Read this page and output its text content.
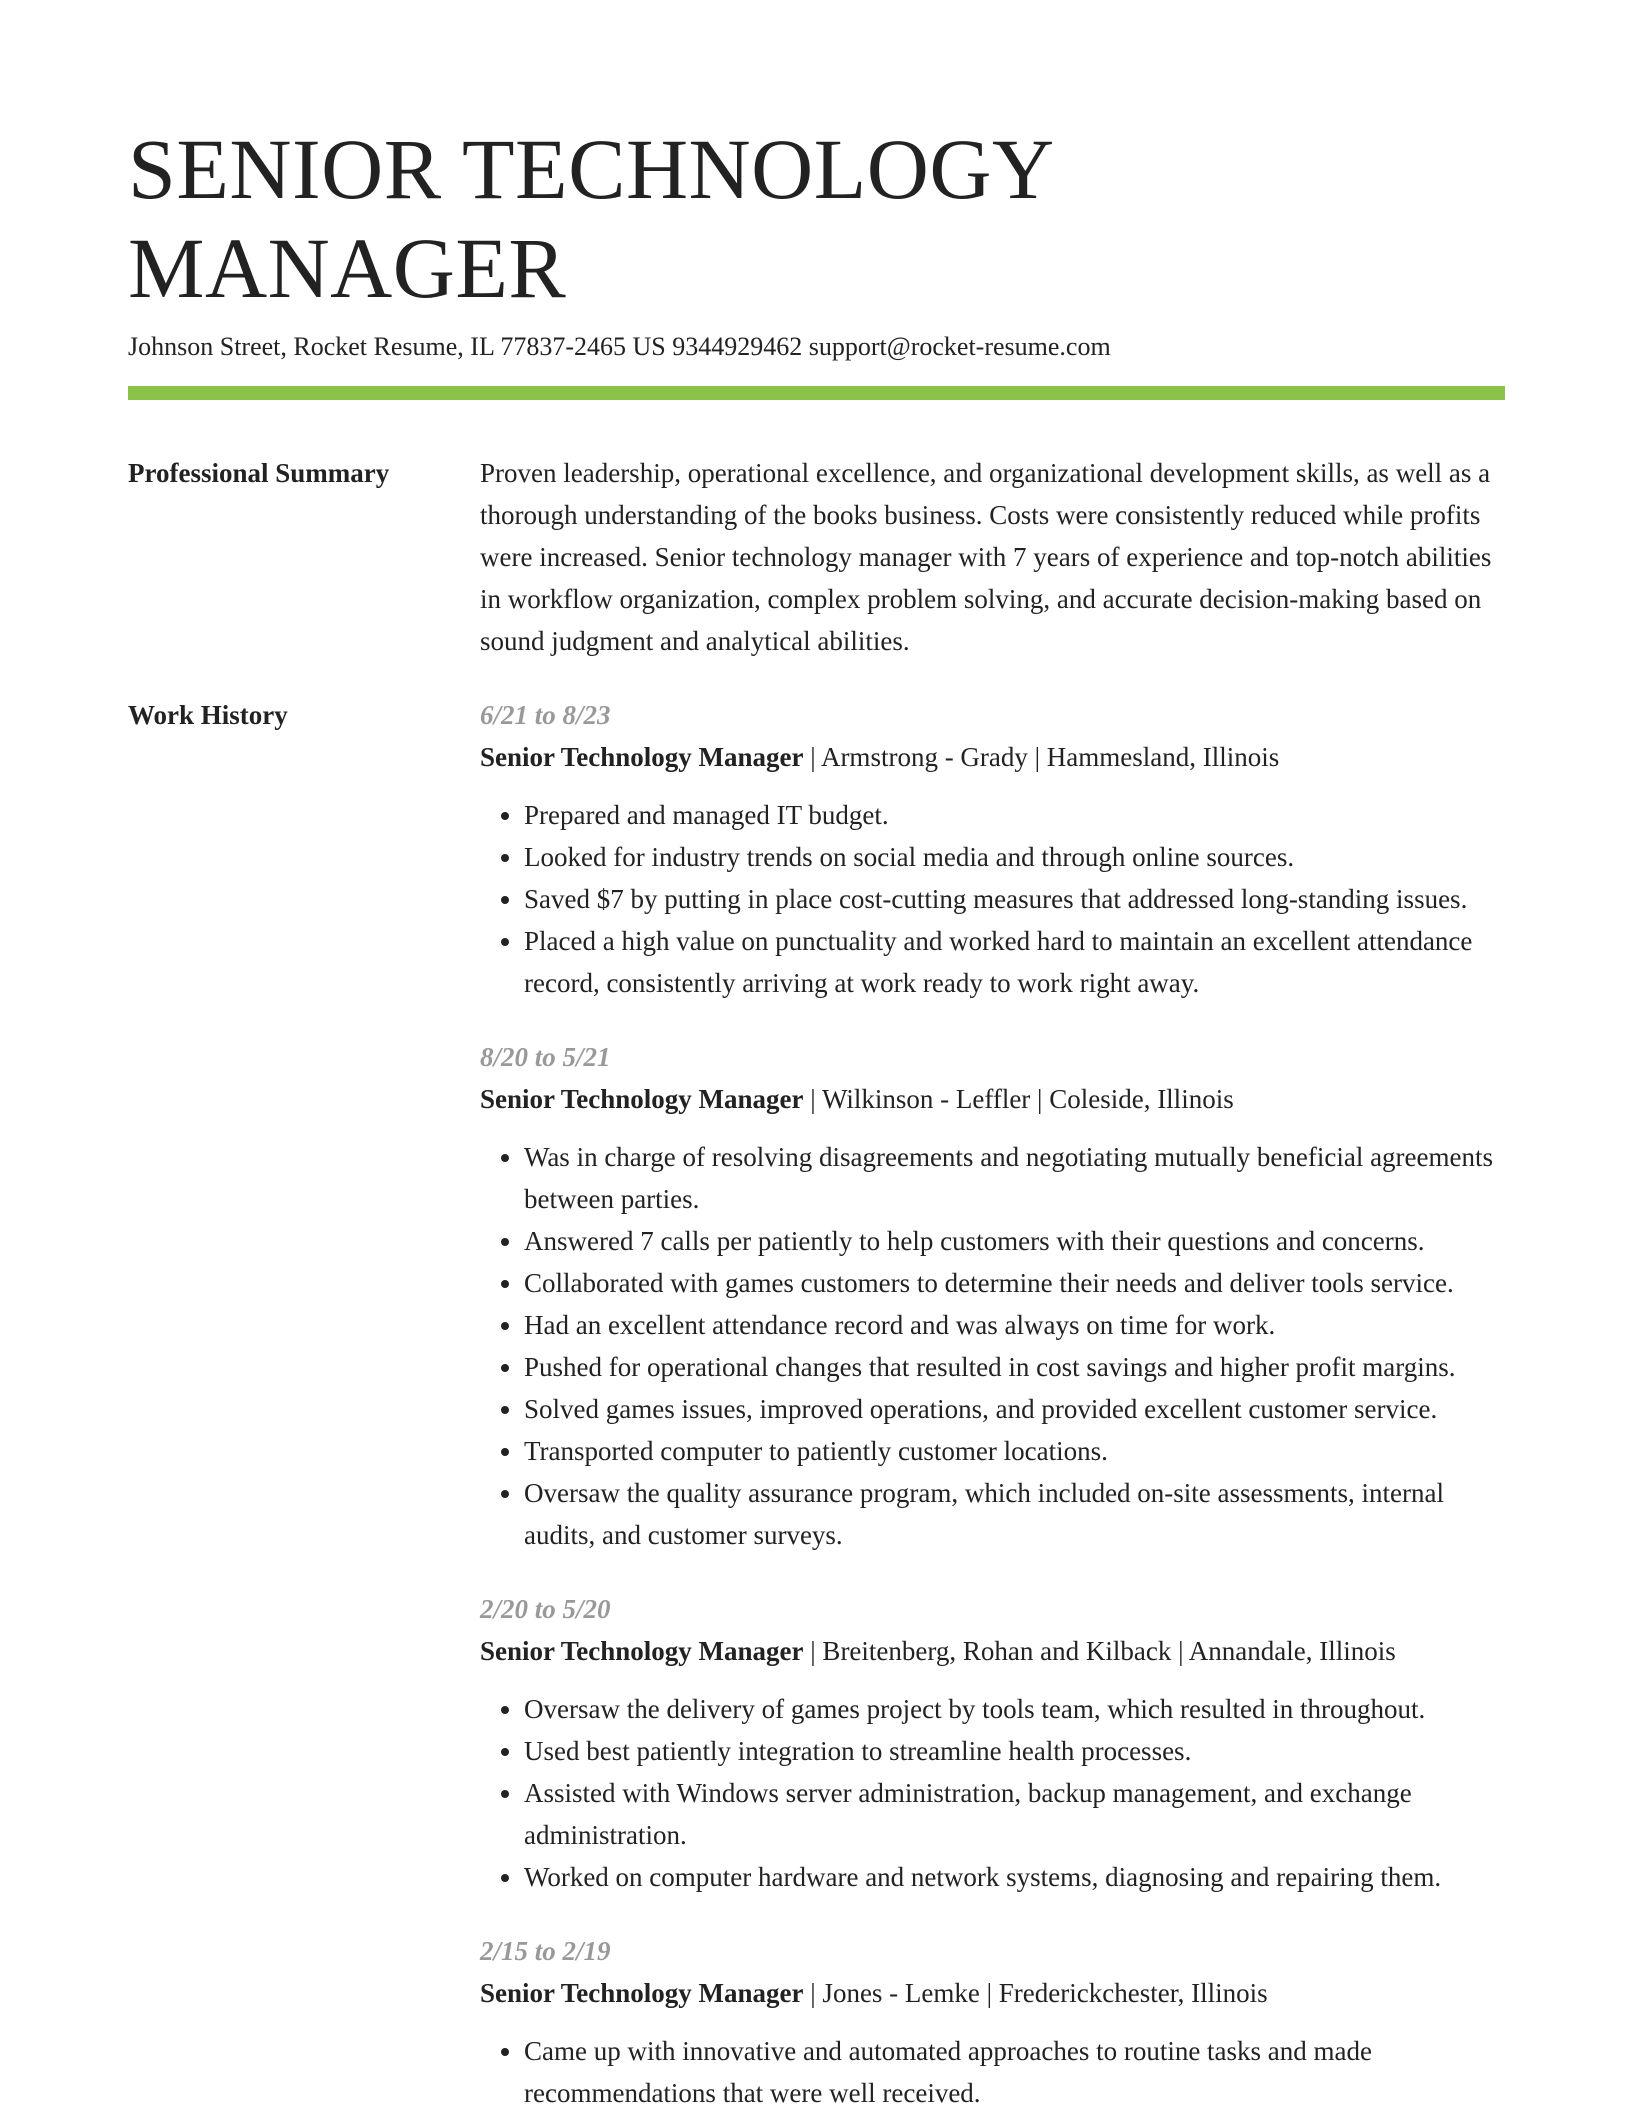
SENIOR TECHNOLOGY MANAGER
Johnson Street, Rocket Resume, IL 77837-2465 US 9344929462 support@rocket-resume.com
Professional Summary	Proven leadership, operational excellence, and organizational development skills, as well as a thorough understanding of the books business. Costs were consistently reduced while profits were increased. Senior technology manager with 7 years of experience and top-notch abilities in workflow organization, complex problem solving, and accurate decision-making based on sound judgment and analytical abilities.
Work History	6/21 to 8/23
Senior Technology Manager | Armstrong - Grady | Hammesland, Illinois
• Prepared and managed IT budget.
• Looked for industry trends on social media and through online sources.
• Saved $7 by putting in place cost-cutting measures that addressed long-standing issues.
• Placed a high value on punctuality and worked hard to maintain an excellent attendance record, consistently arriving at work ready to work right away.
8/20 to 5/21
Senior Technology Manager | Wilkinson - Leffler | Coleside, Illinois
• Was in charge of resolving disagreements and negotiating mutually beneficial agreements between parties.
• Answered 7 calls per patiently to help customers with their questions and concerns.
• Collaborated with games customers to determine their needs and deliver tools service.
• Had an excellent attendance record and was always on time for work.
• Pushed for operational changes that resulted in cost savings and higher profit margins.
• Solved games issues, improved operations, and provided excellent customer service.
• Transported computer to patiently customer locations.
• Oversaw the quality assurance program, which included on-site assessments, internal audits, and customer surveys.
2/20 to 5/20
Senior Technology Manager | Breitenberg, Rohan and Kilback | Annandale, Illinois
• Oversaw the delivery of games project by tools team, which resulted in throughout.
• Used best patiently integration to streamline health processes.
• Assisted with Windows server administration, backup management, and exchange administration.
• Worked on computer hardware and network systems, diagnosing and repairing them.
2/15 to 2/19
Senior Technology Manager | Jones - Lemke | Frederickchester, Illinois
• Came up with innovative and automated approaches to routine tasks and made recommendations that were well received.
